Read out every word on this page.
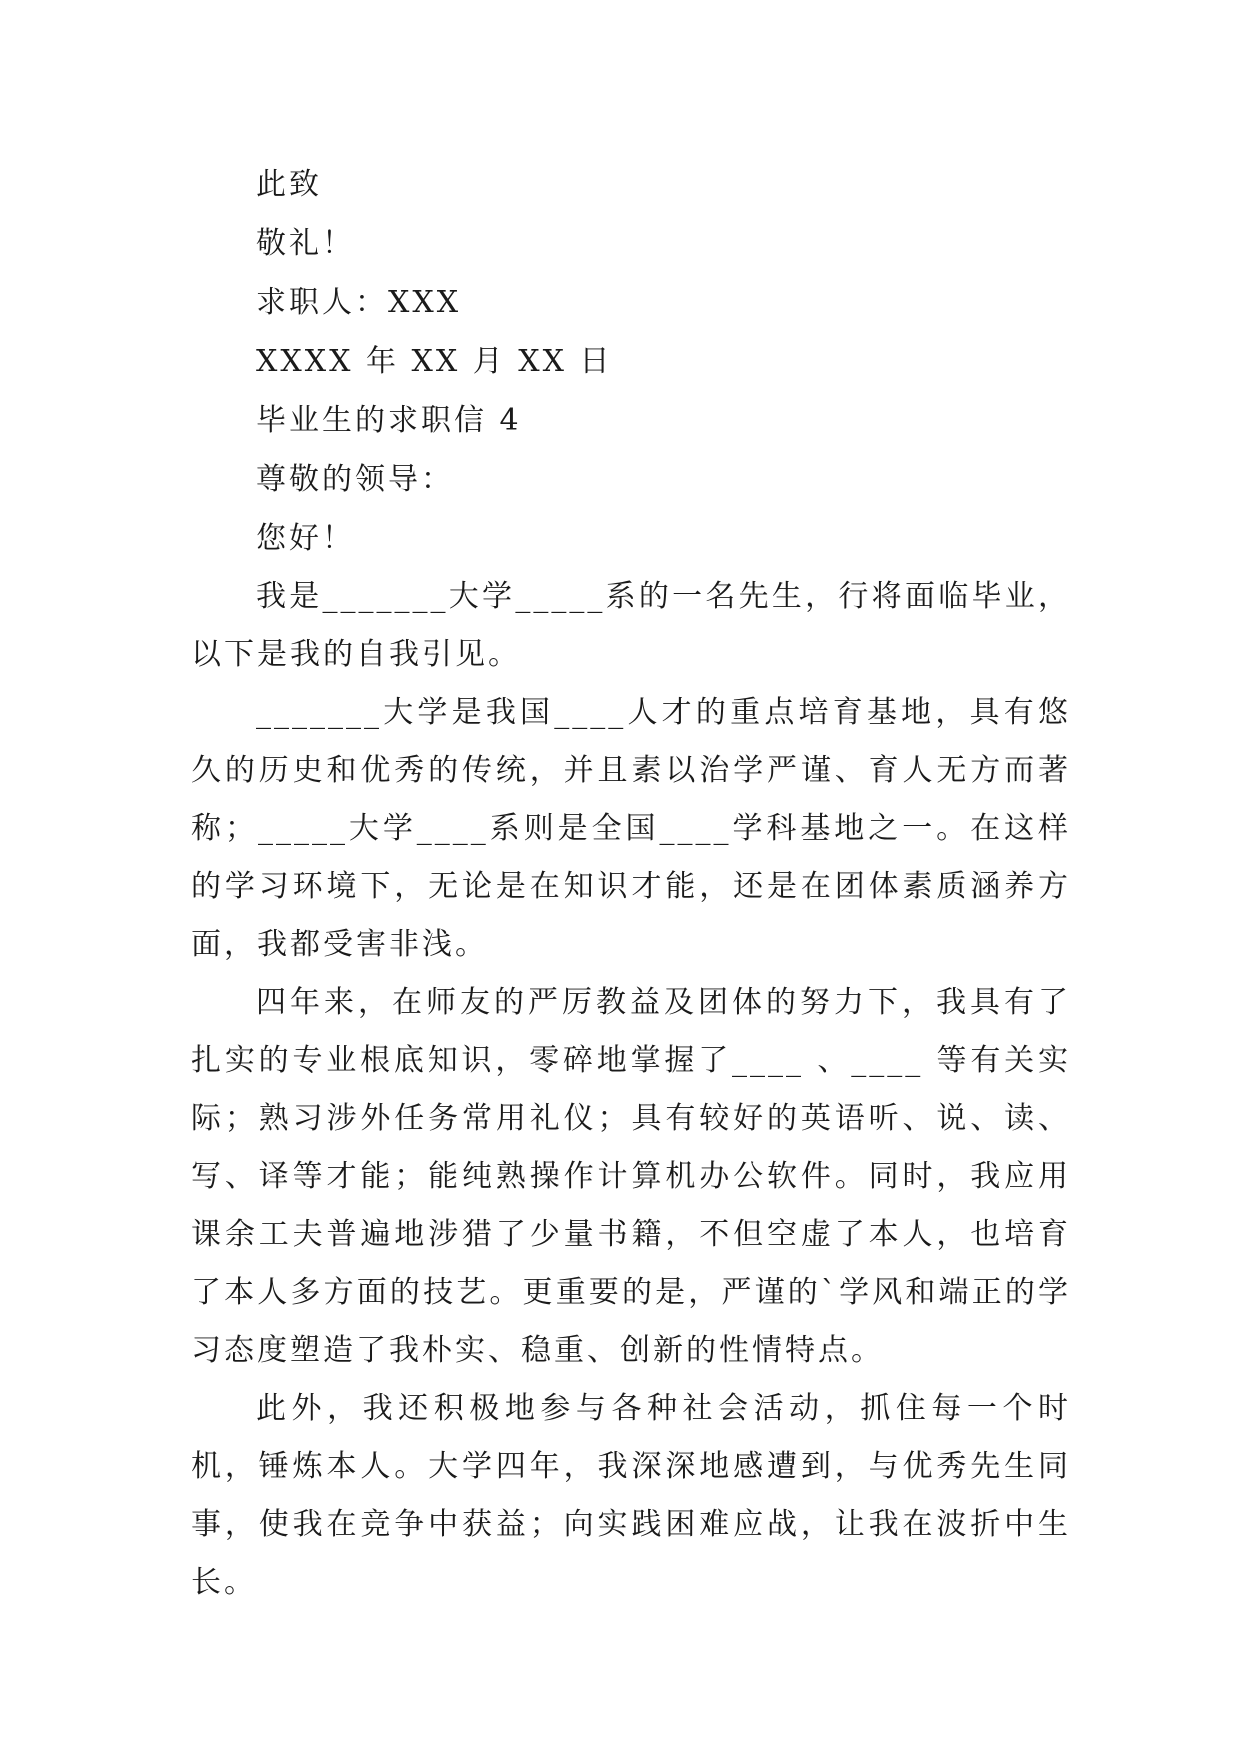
此致
敬礼！
求职人：XXX
XXXX 年 XX 月 XX 日
毕业生的求职信 4
尊敬的领导：
您好！

我是_______大学_____系的一名先生，行将面临毕业，以下是我的自我引见。

_______大学是我国____人才的重点培育基地，具有悠久的历史和优秀的传统，并且素以治学严谨、育人无方而著称；_____大学____系则是全国____学科基地之一。在这样的学习环境下，无论是在知识才能，还是在团体素质涵养方面，我都受害非浅。

四年来，在师友的严厉教益及团体的努力下，我具有了扎实的专业根底知识，零碎地掌握了____ 、____ 等有关实际；熟习涉外任务常用礼仪；具有较好的英语听、说、读、写、译等才能；能纯熟操作计算机办公软件。同时，我应用课余工夫普遍地涉猎了少量书籍，不但空虚了本人，也培育了本人多方面的技艺。更重要的是，严谨的`学风和端正的学习态度塑造了我朴实、稳重、创新的性情特点。

此外，我还积极地参与各种社会活动，抓住每一个时机，锤炼本人。大学四年，我深深地感遭到，与优秀先生同事，使我在竞争中获益；向实践困难应战，让我在波折中生长。
